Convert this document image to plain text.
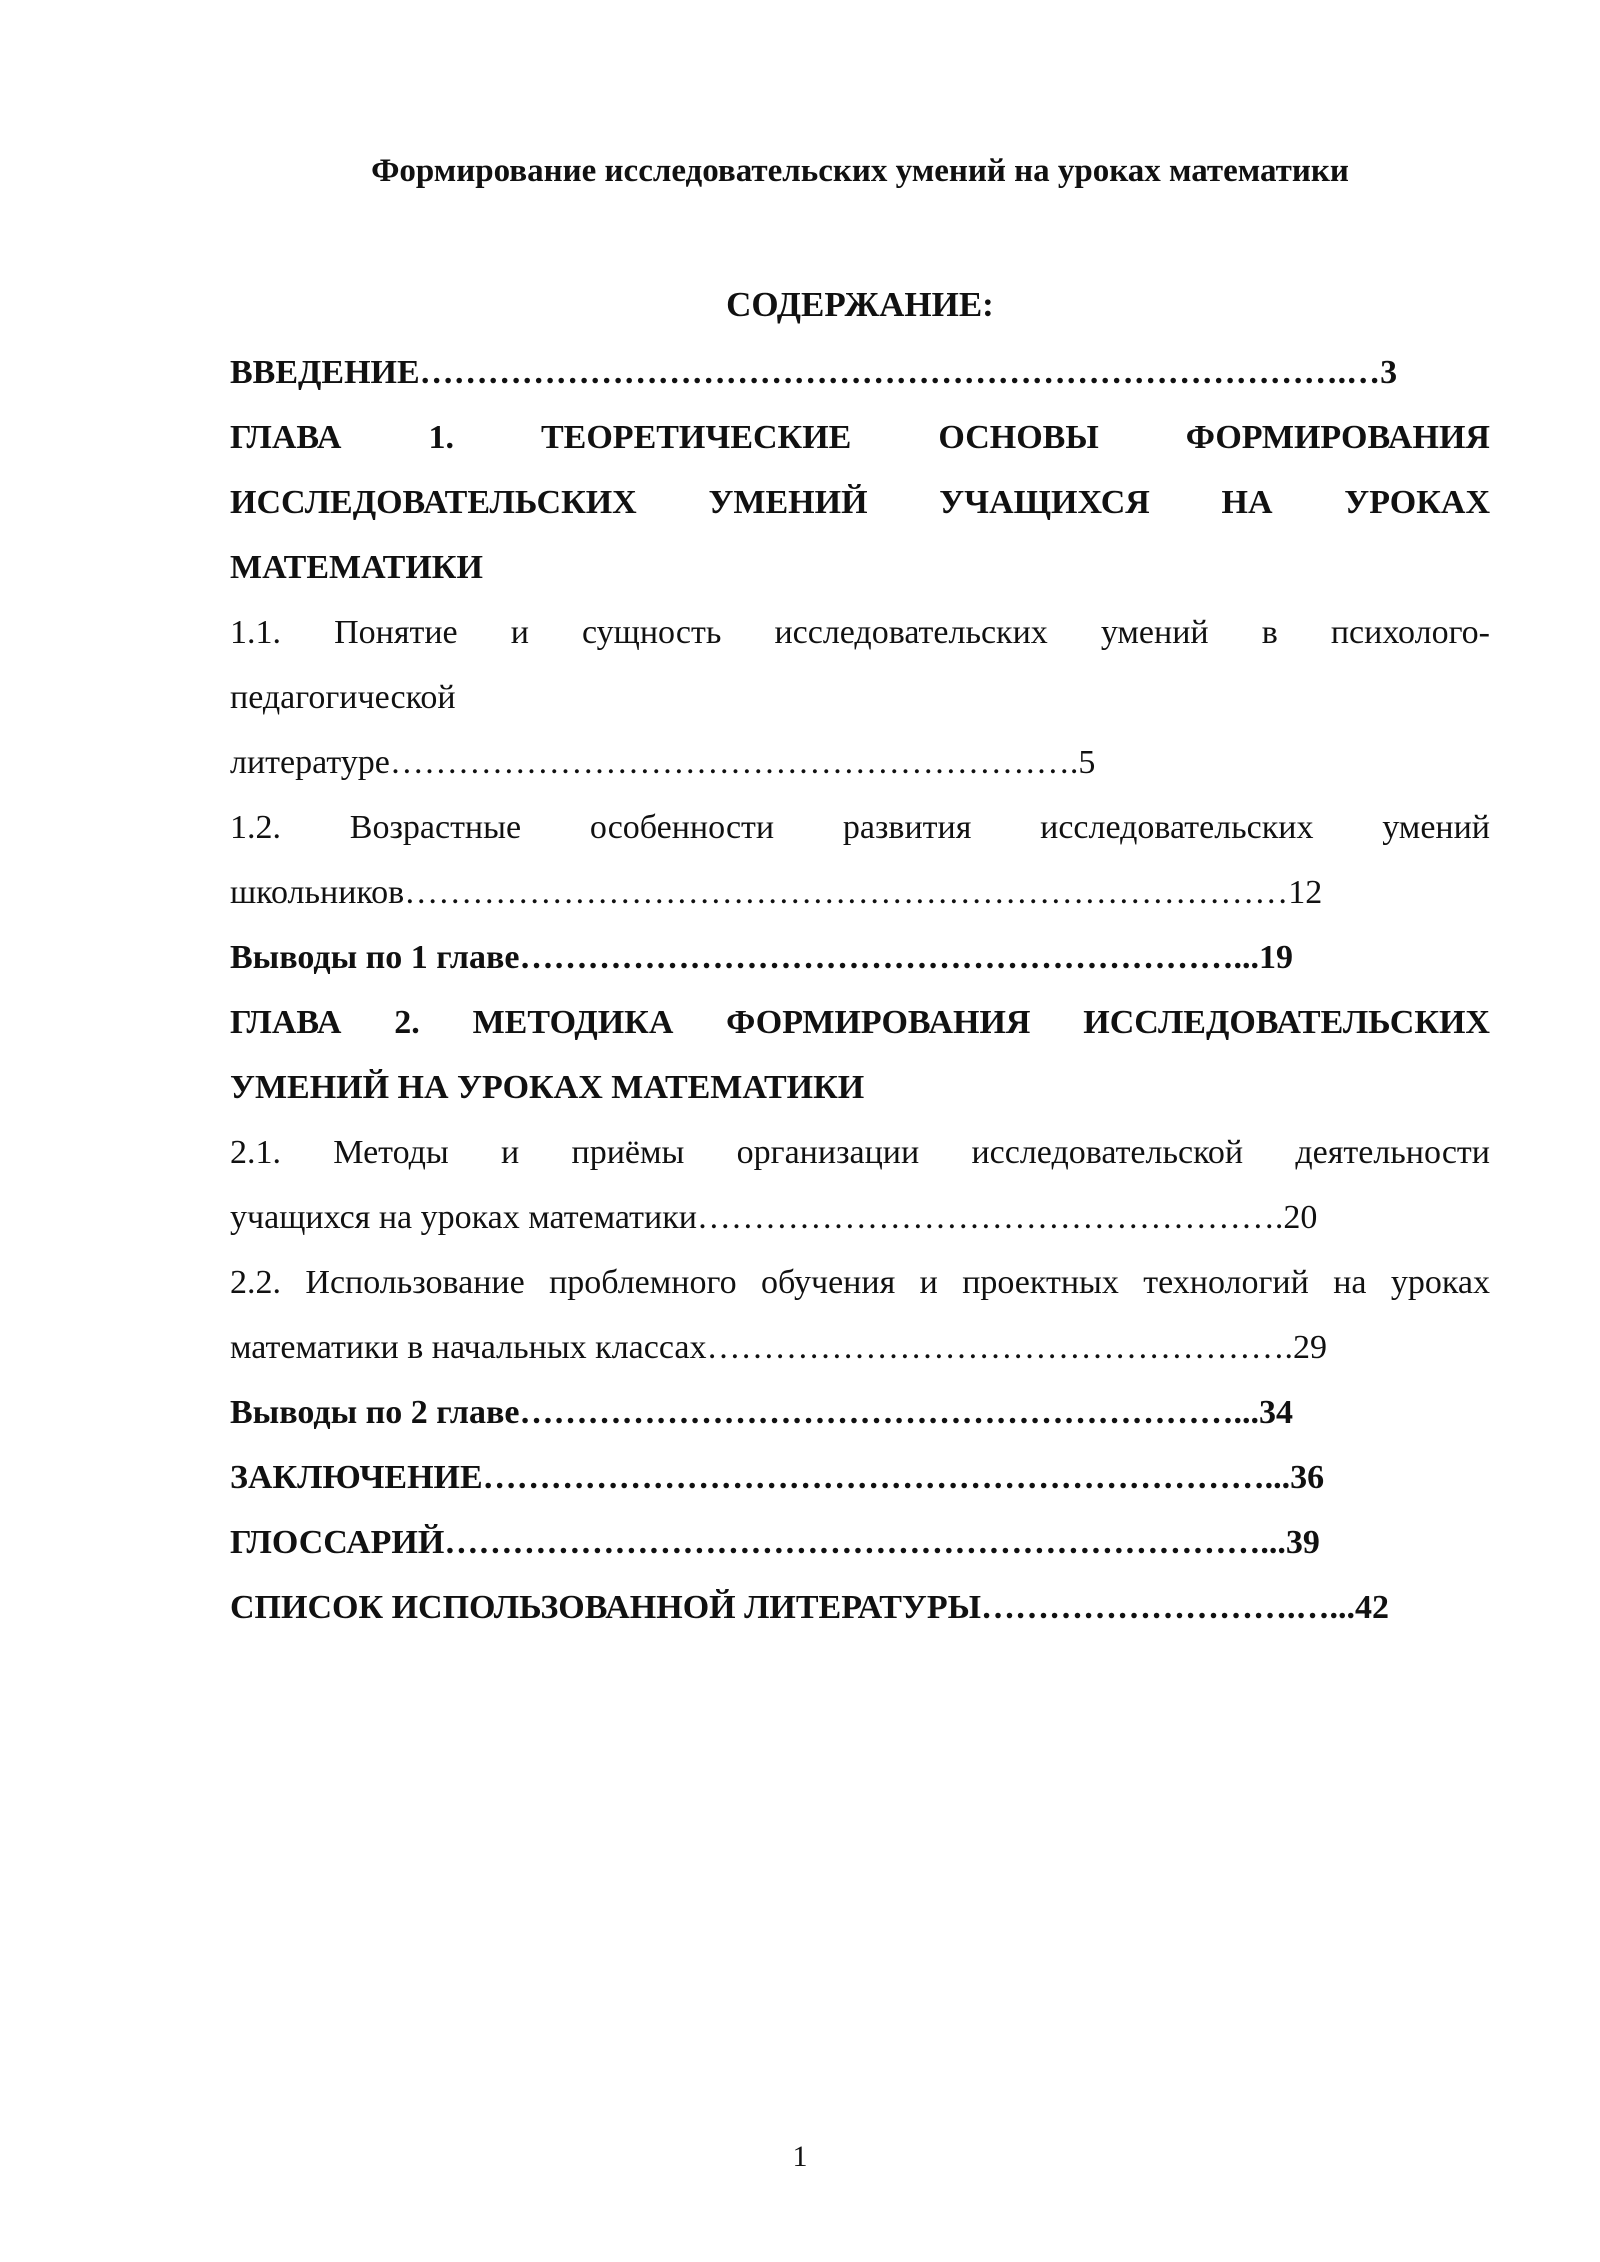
Формирование исследовательских умений на уроках математики
СОДЕРЖАНИЕ:
ВВЕДЕНИЕ……………………………………………………………………….…3
ГЛАВА 1. ТЕОРЕТИЧЕСКИЕ ОСНОВЫ ФОРМИРОВАНИЯ
ИССЛЕДОВАТЕЛЬСКИХ УМЕНИЙ УЧАЩИХСЯ НА УРОКАХ
МАТЕМАТИКИ
1.1. Понятие и сущность исследовательских умений в психолого-
педагогической
литературе…………………………………………………….5
1.2. Возрастные особенности развития исследовательских умений
школьников……………………………………………………………………12
Выводы по 1 главе………………………………………………………...19
ГЛАВА 2. МЕТОДИКА ФОРМИРОВАНИЯ ИССЛЕДОВАТЕЛЬСКИХ
УМЕНИЙ НА УРОКАХ МАТЕМАТИКИ
2.1. Методы и приёмы организации исследовательской деятельности
учащихся на уроках математики…………………………………………….20
2.2. Использование проблемного обучения и проектных технологий на уроках
математики в начальных классах…………………………………………….29
Выводы по 2 главе………………………………………………………...34
ЗАКЛЮЧЕНИЕ……………………………………………………………...36
ГЛОССАРИЙ………………………………………………………………...39
СПИСОК ИСПОЛЬЗОВАННОЙ ЛИТЕРАТУРЫ……………………….…...42
1
